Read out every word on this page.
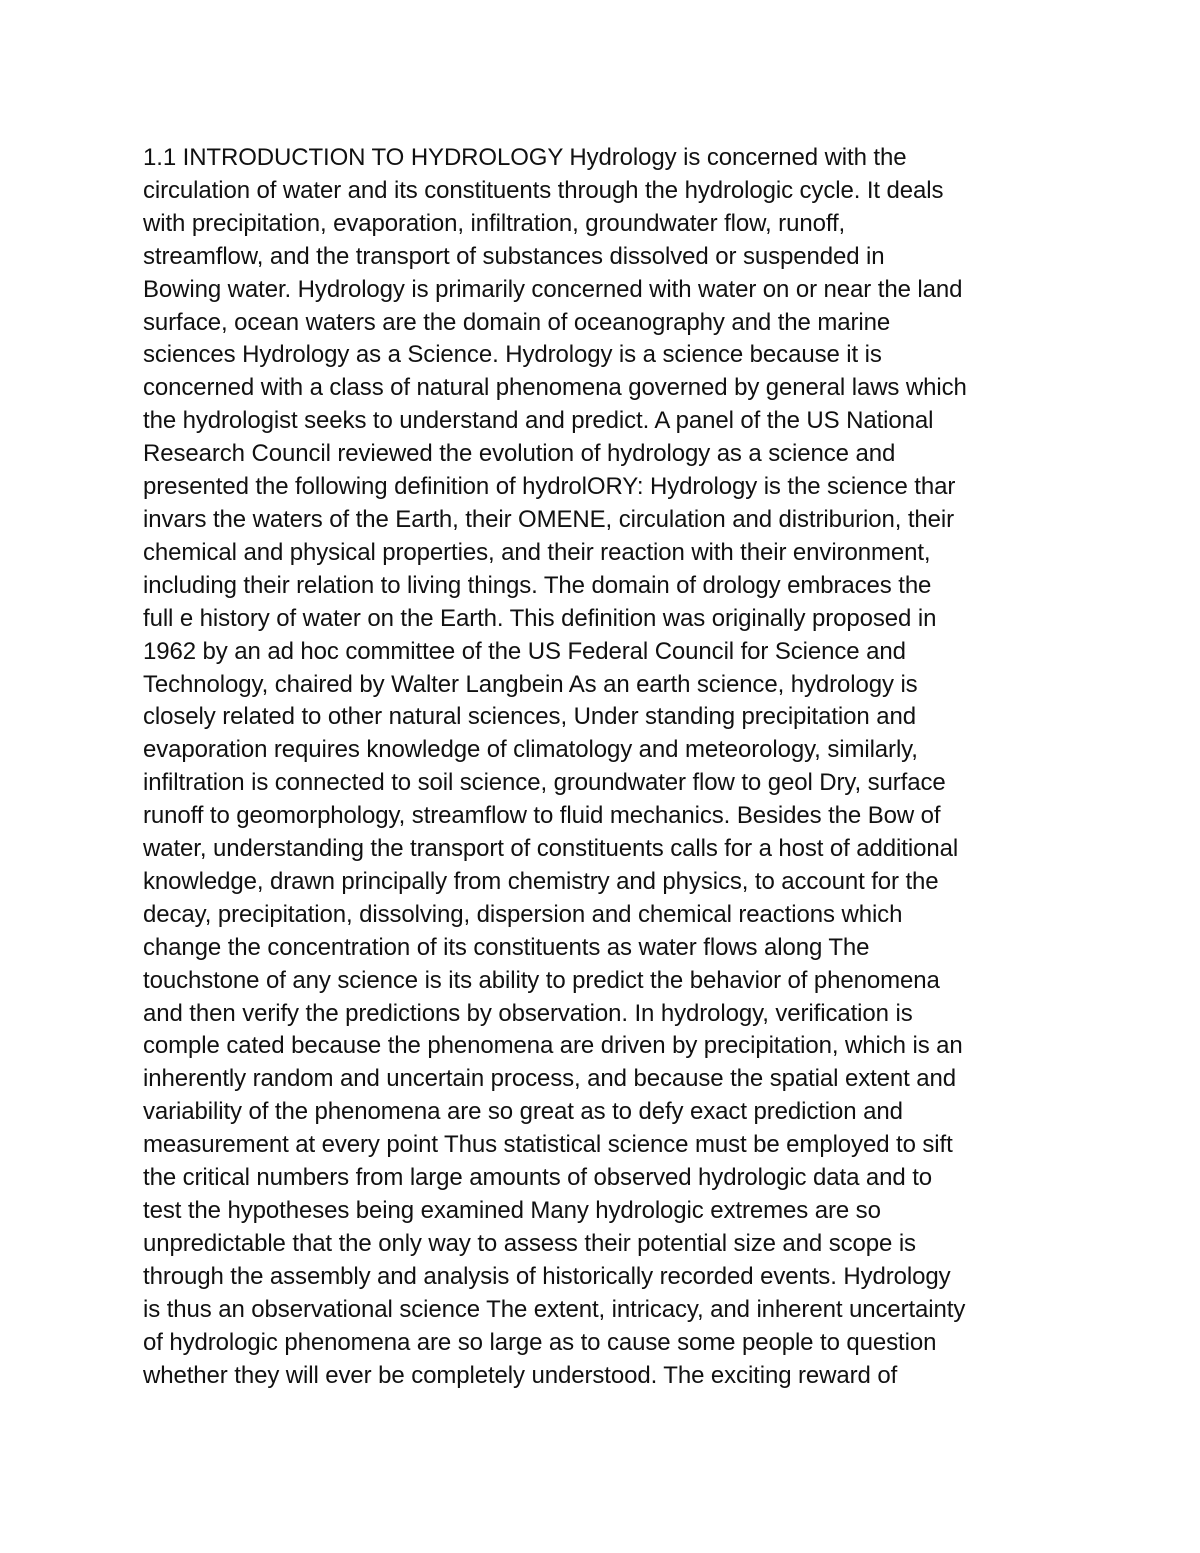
1.1 INTRODUCTION TO HYDROLOGY Hydrology is concerned with the
circulation of water and its constituents through the hydrologic cycle. It deals
with precipitation, evaporation, infiltration, groundwater flow, runoff,
streamflow, and the transport of substances dissolved or suspended in
Bowing water. Hydrology is primarily concerned with water on or near the land
surface, ocean waters are the domain of oceanography and the marine
sciences Hydrology as a Science. Hydrology is a science because it is
concerned with a class of natural phenomena governed by general laws which
the hydrologist seeks to understand and predict. A panel of the US National
Research Council reviewed the evolution of hydrology as a science and
presented the following definition of hydrolORY: Hydrology is the science thar
invars the waters of the Earth, their OMENE, circulation and distriburion, their
chemical and physical properties, and their reaction with their environment,
including their relation to living things. The domain of drology embraces the
full e history of water on the Earth. This definition was originally proposed in
1962 by an ad hoc committee of the US Federal Council for Science and
Technology, chaired by Walter Langbein As an earth science, hydrology is
closely related to other natural sciences, Under standing precipitation and
evaporation requires knowledge of climatology and meteorology, similarly,
infiltration is connected to soil science, groundwater flow to geol Dry, surface
runoff to geomorphology, streamflow to fluid mechanics. Besides the Bow of
water, understanding the transport of constituents calls for a host of additional
knowledge, drawn principally from chemistry and physics, to account for the
decay, precipitation, dissolving, dispersion and chemical reactions which
change the concentration of its constituents as water flows along The
touchstone of any science is its ability to predict the behavior of phenomena
and then verify the predictions by observation. In hydrology, verification is
comple cated because the phenomena are driven by precipitation, which is an
inherently random and uncertain process, and because the spatial extent and
variability of the phenomena are so great as to defy exact prediction and
measurement at every point Thus statistical science must be employed to sift
the critical numbers from large amounts of observed hydrologic data and to
test the hypotheses being examined Many hydrologic extremes are so
unpredictable that the only way to assess their potential size and scope is
through the assembly and analysis of historically recorded events. Hydrology
is thus an observational science The extent, intricacy, and inherent uncertainty
of hydrologic phenomena are so large as to cause some people to question
whether they will ever be completely understood. The exciting reward of
